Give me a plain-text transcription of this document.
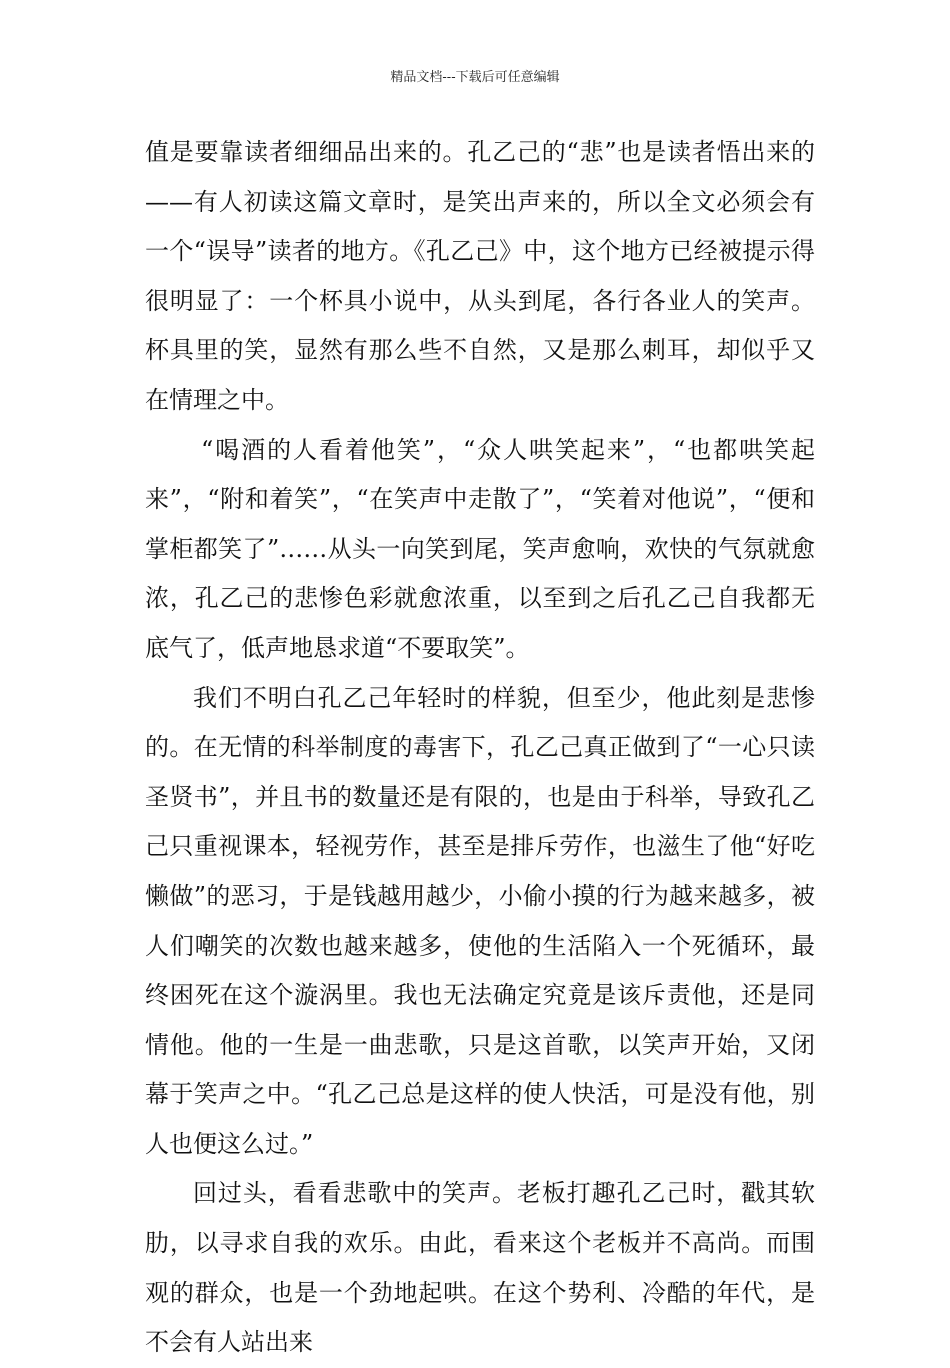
精品文档---下载后可任意编辑

值是要靠读者细细品出来的。孔乙己的“悲”也是读者悟出来的——有人初读这篇文章时，是笑出声来的，所以全文必须会有一个“误导”读者的地方。《孔乙己》中，这个地方已经被提示得很明显了：一个杯具小说中，从头到尾，各行各业人的笑声。杯具里的笑，显然有那么些不自然，又是那么刺耳，却似乎又在情理之中。

“喝酒的人看着他笑”，“众人哄笑起来”，“也都哄笑起来”，“附和着笑”，“在笑声中走散了”，“笑着对他说”，“便和掌柜都笑了”……从头一向笑到尾，笑声愈响，欢快的气氛就愈浓，孔乙己的悲惨色彩就愈浓重，以至到之后孔乙己自我都无底气了，低声地恳求道“不要取笑”。

我们不明白孔乙己年轻时的样貌，但至少，他此刻是悲惨的。在无情的科举制度的毒害下，孔乙己真正做到了“一心只读圣贤书”，并且书的数量还是有限的，也是由于科举，导致孔乙己只重视课本，轻视劳作，甚至是排斥劳作，也滋生了他“好吃懒做”的恶习，于是钱越用越少，小偷小摸的行为越来越多，被人们嘲笑的次数也越来越多，使他的生活陷入一个死循环，最终困死在这个漩涡里。我也无法确定究竟是该斥责他，还是同情他。他的一生是一曲悲歌，只是这首歌，以笑声开始，又闭幕于笑声之中。“孔乙己总是这样的使人快活，可是没有他，别人也便这么过。”

回过头，看看悲歌中的笑声。老板打趣孔乙己时，戳其软肋，以寻求自我的欢乐。由此，看来这个老板并不高尚。而围观的群众，也是一个劲地起哄。在这个势利、冷酷的年代，是不会有人站出来
